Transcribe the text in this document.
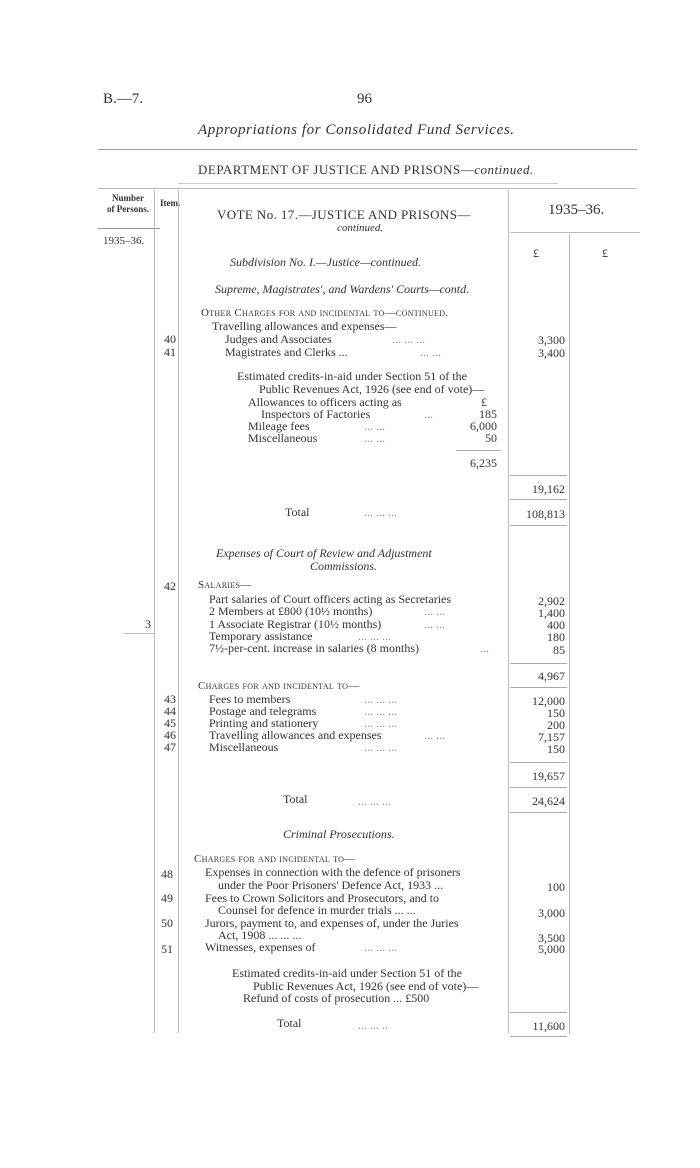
B.—7.	96
Appropriations for Consolidated Fund Services.
DEPARTMENT OF JUSTICE AND PRISONS—continued.
Number
of Persons.
Item.
VOTE No. 17.—JUSTICE AND PRISONS—
continued.
1935–36.
1935–36.
£	£
Subdivision No. I.—Justice—continued.
Supreme, Magistrates', and Wardens' Courts—contd.
Other Charges for and incidental to—continued.
Travelling allowances and expenses—
40	Judges and Associates	... ... ...	3,300
41	Magistrates and Clerks ...	... ...	3,400
Estimated credits-in-aid under Section 51 of the
Public Revenues Act, 1926 (see end of vote)—
Allowances to officers acting as	£
Inspectors of Factories	...	185
Mileage fees	... ...	6,000
Miscellaneous	... ...	50
6,235
19,162
Total	... ... ...	108,813
Expenses of Court of Review and Adjustment
Commissions.
42 Salaries—
3
Part salaries of Court officers acting as Secretaries	2,902
2 Members at £800 (10½ months)	... ...	1,400
1 Associate Registrar (10½ months)	... ...	400
Temporary assistance	... ... ...	180
7½-per-cent. increase in salaries (8 months)	...	85
4,967
Charges for and incidental to—
43	Fees to members	... ... ...	12,000
44	Postage and telegrams	... ... ...	150
45	Printing and stationery	... ... ...	200
46	Travelling allowances and expenses	... ...	7,157
47	Miscellaneous	... ... ...	150
19,657
Total	... ... ...	24,624
Criminal Prosecutions.
Charges for and incidental to—
48	Expenses in connection with the defence of prisoners
under the Poor Prisoners' Defence Act, 1933 ...	100
49	Fees to Crown Solicitors and Prosecutors, and to
Counsel for defence in murder trials ... ...	3,000
50	Jurors, payment to, and expenses of, under the Juries
Act, 1908 ... ... ...	3,500
51	Witnesses, expenses of	... ... ...	5,000
Estimated credits-in-aid under Section 51 of the
Public Revenues Act, 1926 (see end of vote)—
Refund of costs of prosecution ... £500
Total	... ... ..	11,600
